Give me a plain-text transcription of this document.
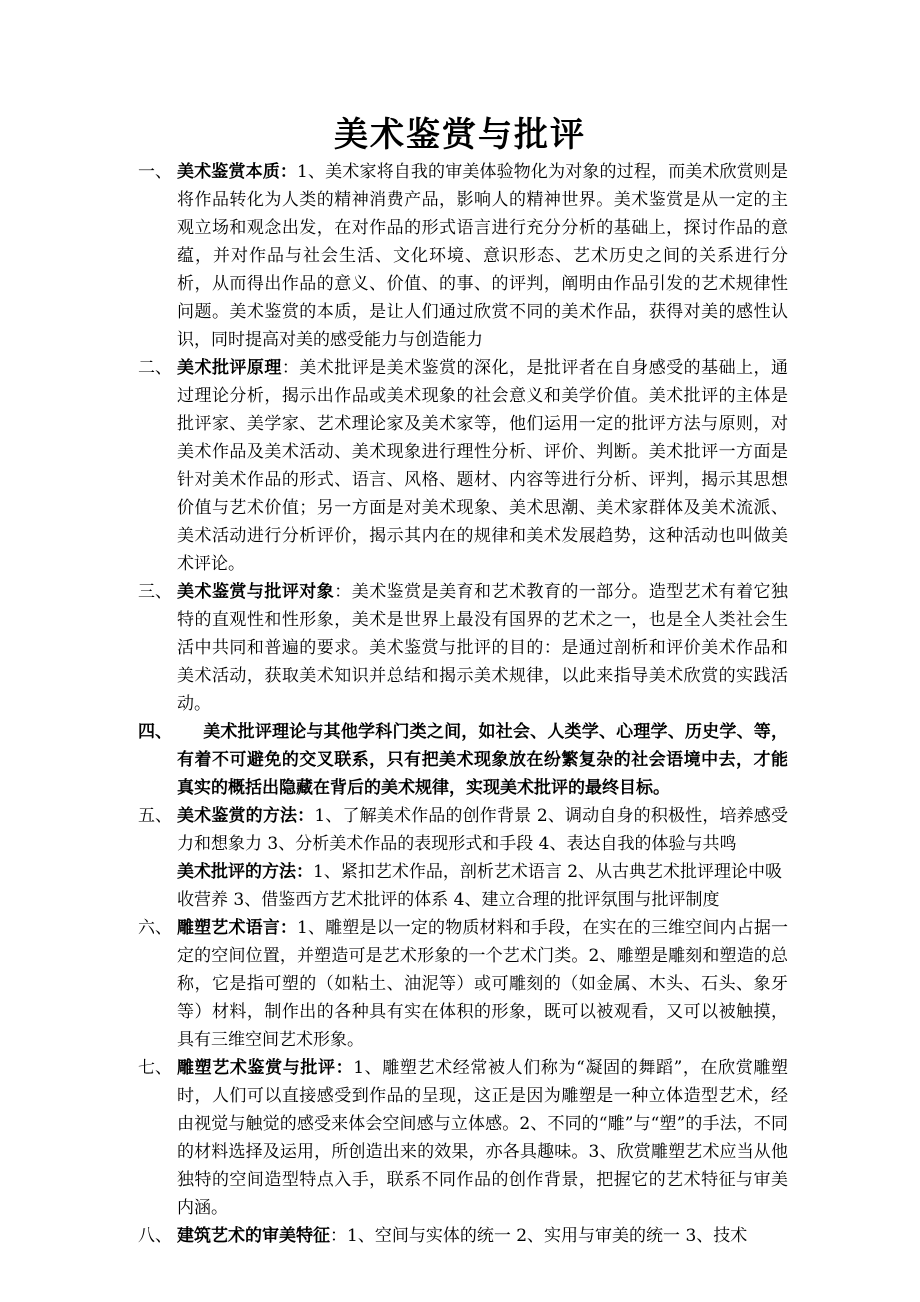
美术鉴赏与批评

一、 美术鉴赏本质：1、美术家将自我的审美体验物化为对象的过程，而美术欣赏则是将作品转化为人类的精神消费产品，影响人的精神世界。美术鉴赏是从一定的主观立场和观念出发，在对作品的形式语言进行充分分析的基础上，探讨作品的意蕴，并对作品与社会生活、文化环境、意识形态、艺术历史之间的关系进行分析，从而得出作品的意义、价值、的事、的评判，阐明由作品引发的艺术规律性问题。美术鉴赏的本质，是让人们通过欣赏不同的美术作品，获得对美的感性认识，同时提高对美的感受能力与创造能力

二、 美术批评原理：美术批评是美术鉴赏的深化，是批评者在自身感受的基础上，通过理论分析，揭示出作品或美术现象的社会意义和美学价值。美术批评的主体是批评家、美学家、艺术理论家及美术家等，他们运用一定的批评方法与原则，对美术作品及美术活动、美术现象进行理性分析、评价、判断。美术批评一方面是针对美术作品的形式、语言、风格、题材、内容等进行分析、评判，揭示其思想价值与艺术价值；另一方面是对美术现象、美术思潮、美术家群体及美术流派、美术活动进行分析评价，揭示其内在的规律和美术发展趋势，这种活动也叫做美术评论。

三、 美术鉴赏与批评对象：美术鉴赏是美育和艺术教育的一部分。造型艺术有着它独特的直观性和性形象，美术是世界上最没有国界的艺术之一，也是全人类社会生活中共同和普遍的要求。美术鉴赏与批评的目的：是通过剖析和评价美术作品和美术活动，获取美术知识并总结和揭示美术规律，以此来指导美术欣赏的实践活动。

四、 美术批评理论与其他学科门类之间，如社会、人类学、心理学、历史学、等，有着不可避免的交叉联系，只有把美术现象放在纷繁复杂的社会语境中去，才能真实的概括出隐藏在背后的美术规律，实现美术批评的最终目标。

五、 美术鉴赏的方法：1、了解美术作品的创作背景 2、调动自身的积极性，培养感受力和想象力 3、分析美术作品的表现形式和手段 4、表达自我的体验与共鸣

美术批评的方法：1、紧扣艺术作品，剖析艺术语言 2、从古典艺术批评理论中吸收营养 3、借鉴西方艺术批评的体系 4、建立合理的批评氛围与批评制度

六、 雕塑艺术语言：1、雕塑是以一定的物质材料和手段，在实在的三维空间内占据一定的空间位置，并塑造可是艺术形象的一个艺术门类。2、雕塑是雕刻和塑造的总称，它是指可塑的（如粘土、油泥等）或可雕刻的（如金属、木头、石头、象牙等）材料，制作出的各种具有实在体积的形象，既可以被观看，又可以被触摸，具有三维空间艺术形象。

七、 雕塑艺术鉴赏与批评：1、雕塑艺术经常被人们称为“凝固的舞蹈”，在欣赏雕塑时，人们可以直接感受到作品的呈现，这正是因为雕塑是一种立体造型艺术，经由视觉与触觉的感受来体会空间感与立体感。2、不同的“雕”与“塑”的手法，不同的材料选择及运用，所创造出来的效果，亦各具趣味。3、欣赏雕塑艺术应当从他独特的空间造型特点入手，联系不同作品的创作背景，把握它的艺术特征与审美内涵。

八、 建筑艺术的审美特征：1、空间与实体的统一 2、实用与审美的统一 3、技术
